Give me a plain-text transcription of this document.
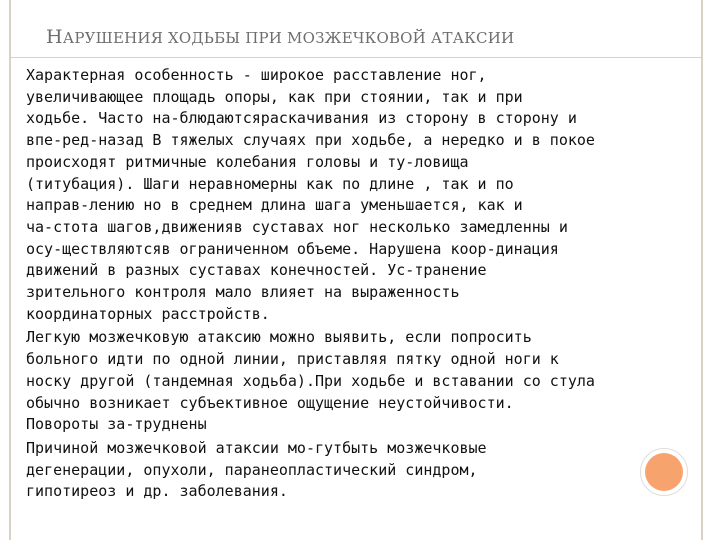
НАРУШЕНИЯ ХОДЬБЫ ПРИ МОЗЖЕЧКОВОЙ АТАКСИИ
Характерная особенность - широкое расставление ног,
увеличивающее площадь опоры, как при стоянии, так и при
ходьбе. Часто на-блюдаютсяраскачивания из сторону в сторону и
впе-ред-назад В тяжелых случаях при ходьбе, а нередко и в покое
происходят ритмичные колебания головы и ту-ловища
(титубация). Шаги неравномерны как по длине , так и по
направ-лению но в среднем длина шага уменьшается, как и
ча-стота шагов,движенияв суставах ног несколько замедленны и
осу-ществляютсяв ограниченном объеме. Нарушена коор-динация
движений в разных суставах конечностей. Ус-транение
зрительного контроля мало влияет на выраженность
координаторных расстройств.
Легкую мозжечковую атаксию можно выявить, если попросить
больного идти по одной линии, приставляя пятку одной ноги к
носку другой (тандемная ходьба).При ходьбе и вставании со стула
обычно возникает субъективное ощущение неустойчивости.
Повороты за-труднены
Причиной мозжечковой атаксии мо-гутбыть мозжечковые
дегенерации, опухоли, паранеопластический синдром,
гипотиреоз и др. заболевания.
